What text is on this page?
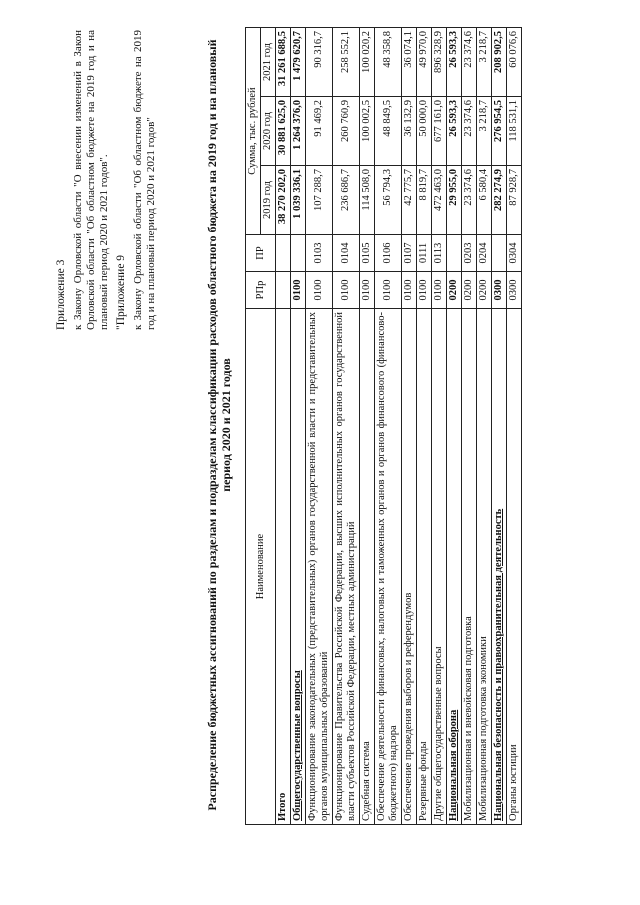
Приложение 3 к Закону Орловской области "О внесении изменений в Закон Орловской области "Об областном бюджете на 2019 год и на плановый период 2020 и 2021 годов". "Приложение 9 к Закону Орловской области "Об областном бюджете на 2019 год и на плановый период 2020 и 2021 годов"	Распределение бюджетных ассигнований по разделам и подразделам классификации расходов областного бюджета на 2019 год и на плановый период 2020 и 2021 годов
Наименование	РПр	ПР	Сумма, тыс. рублей		
			2019 год	2020 год	2021 год
Итого			38 270 202,0	30 881 625,0	31 261 688,5
Общегосударственные вопросы	0100		1 039 336,1	1 264 376,0	1 479 620,7
Функционирование законодательных (представительных) органов государственной власти и представительных органов муниципальных образований	0100	0103	107 288,7	91 469,2	90 316,7
Функционирование Правительства Российской Федерации, высших исполнительных органов государственной власти субъектов Российской Федерации, местных администраций	0100	0104	236 686,7	260 760,9	258 552,1
Судебная система	0100	0105	114 508,0	100 002,5	100 020,2
Обеспечение деятельности финансовых, налоговых и таможенных органов и органов финансового (финансово-бюджетного) надзора	0100	0106	56 794,3	48 849,5	48 358,8
Обеспечение проведения выборов и референдумов	0100	0107	42 775,7	36 132,9	36 074,1
Резервные фонды	0100	0111	8 819,7	50 000,0	49 970,0
Другие общегосударственные вопросы	0100	0113	472 463,0	677 161,0	896 328,9
Национальная оборона	0200		29 955,0	26 593,3	26 593,3
Мобилизационная и вневойсковая подготовка	0200	0203	23 374,6	23 374,6	23 374,6
Мобилизационная подготовка экономики	0200	0204	6 580,4	3 218,7	3 218,7
Национальная безопасность и правоохранительная деятельность	0300		282 274,9	276 954,5	208 902,5
Органы юстиции	0300	0304	87 928,7	118 531,1	60 076,6
